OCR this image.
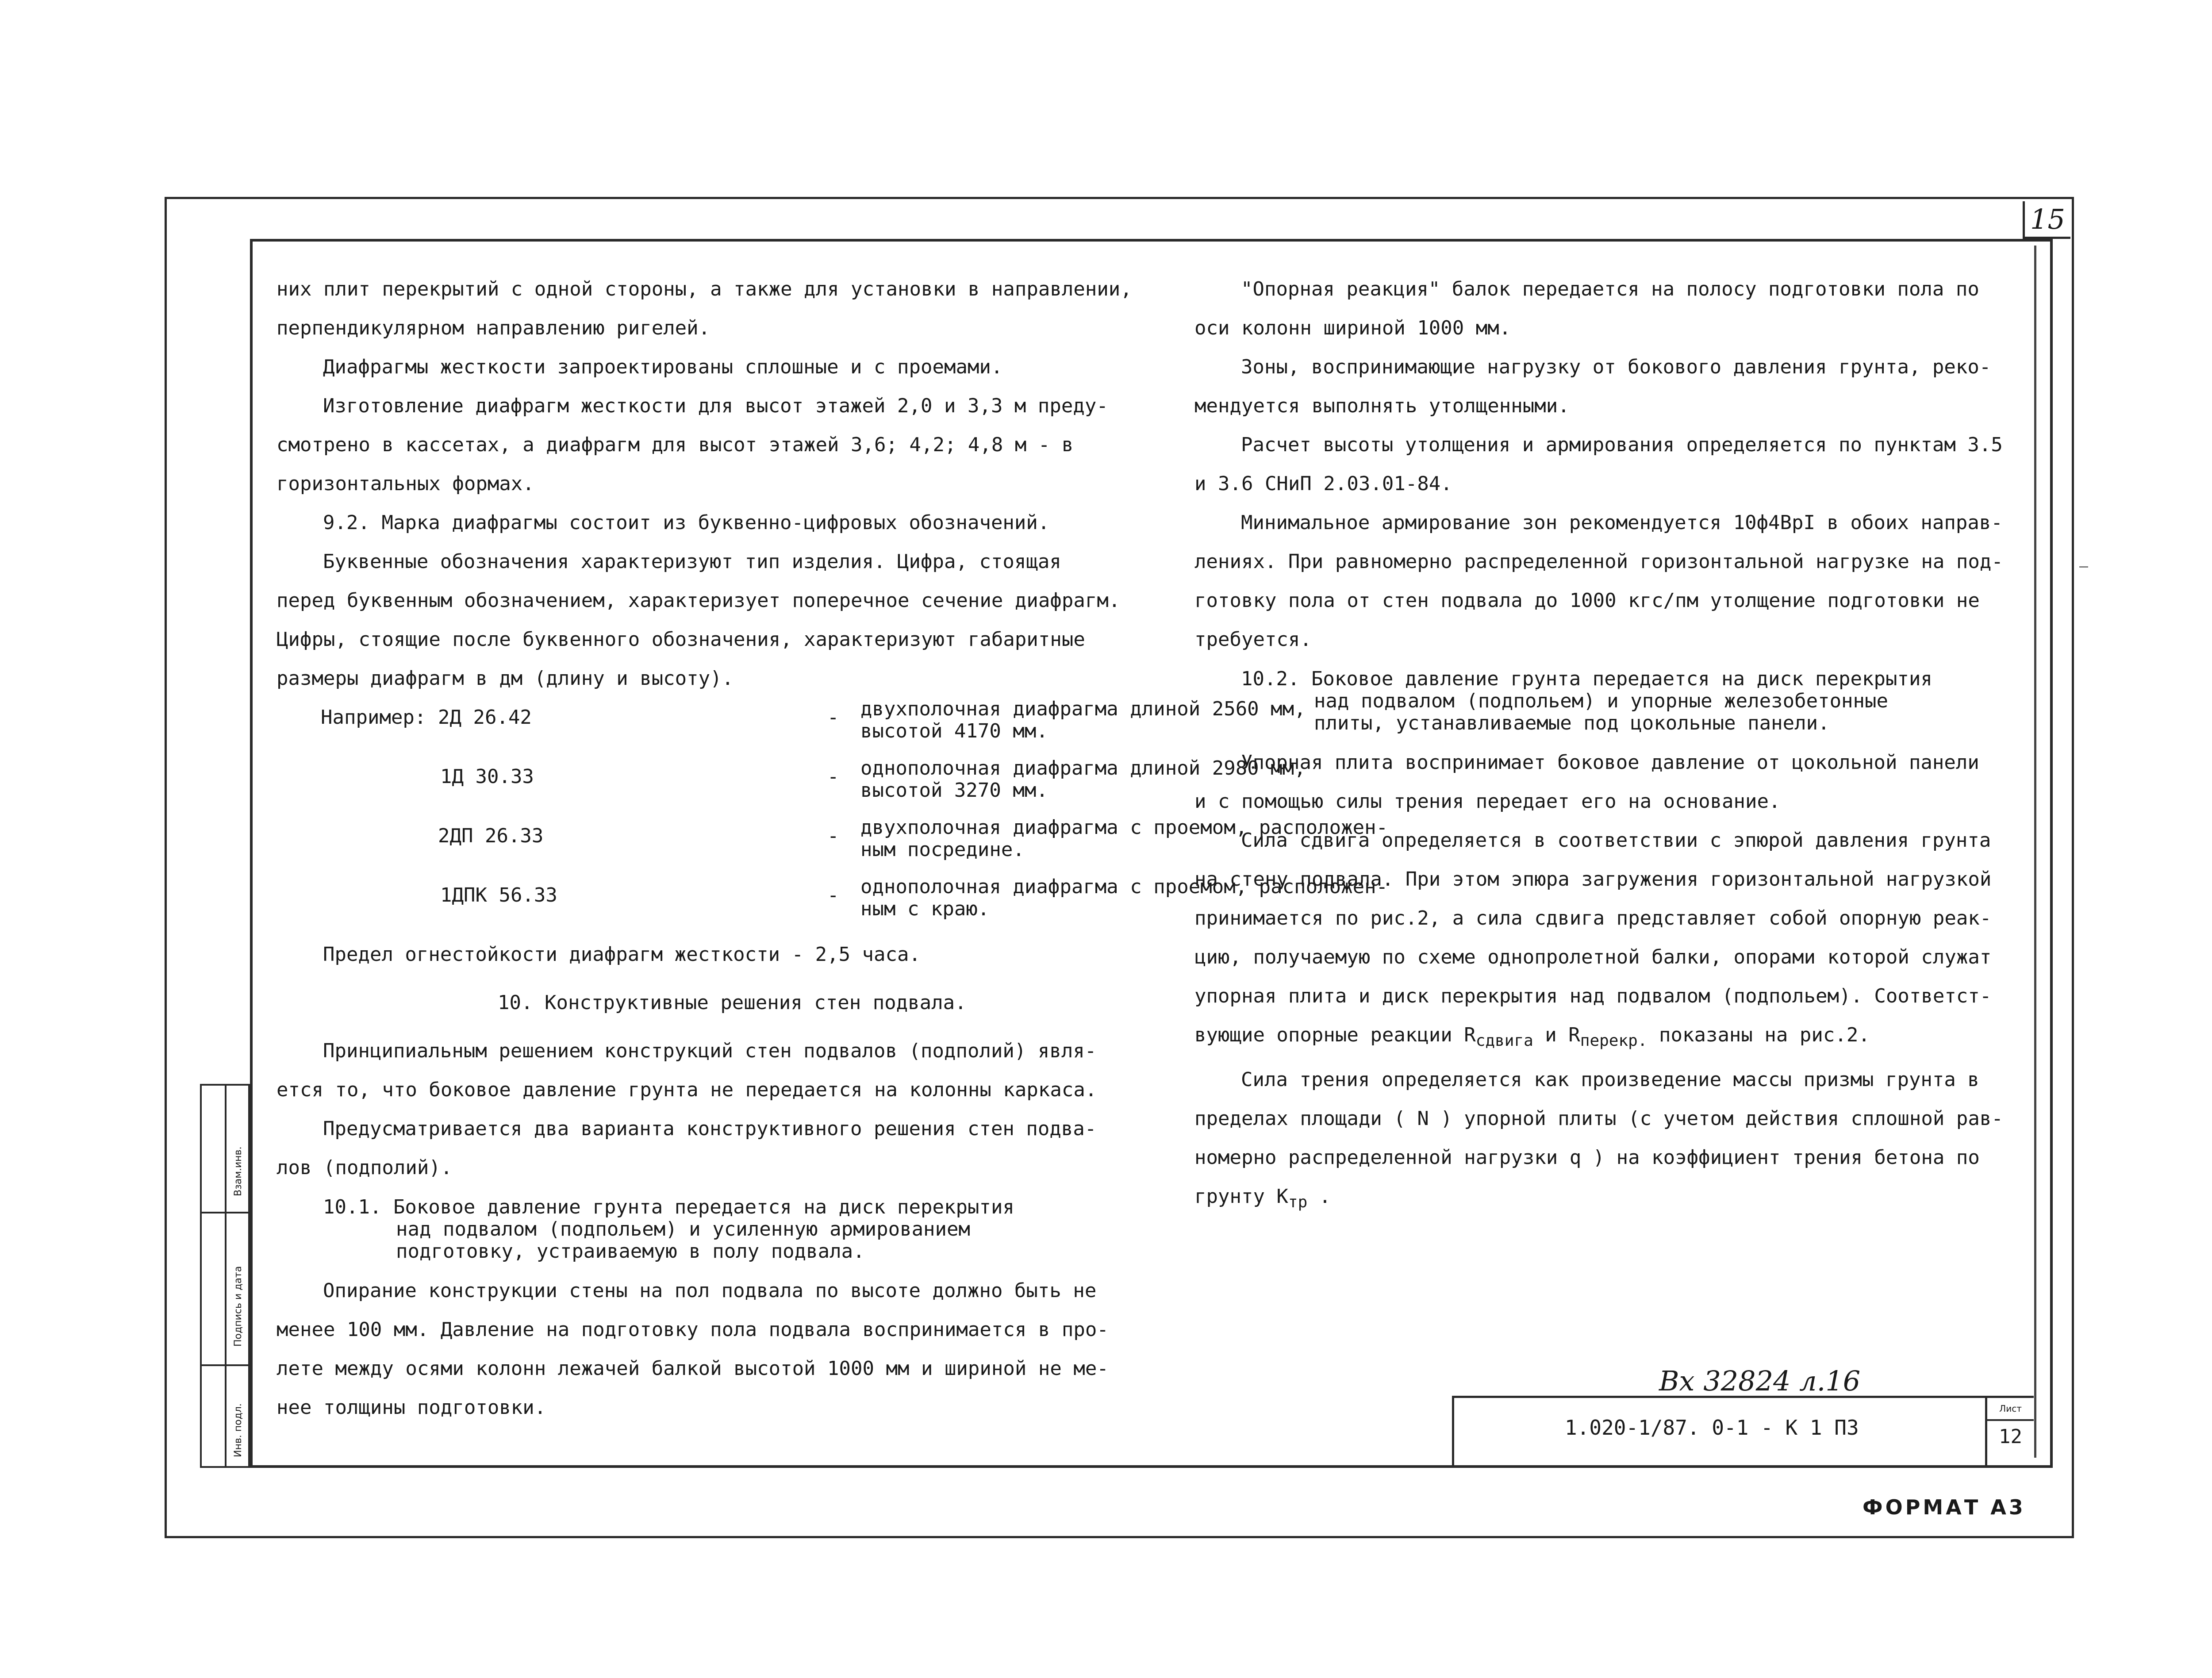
15
Взам.инв.
Подпись и дата
Инв. подл.

них плит перекрытий с одной стороны, а также для установки в направлении,

перпендикулярном направлению ригелей.

Диафрагмы жесткости запроектированы сплошные и с проемами.

Изготовление диафрагм жесткости для высот этажей 2,0 и 3,3 м преду-

смотрено в кассетах, а диафрагм для высот этажей 3,6; 4,2; 4,8 м - в

горизонтальных формах.

9.2. Марка диафрагмы состоит из буквенно-цифровых обозначений.

Буквенные обозначения характеризуют тип изделия. Цифра, стоящая

перед буквенным обозначением, характеризует поперечное сечение диафрагм.

Цифры, стоящие после буквенного обозначения, характеризуют габаритные

размеры диафрагм в дм (длину и высоту).

Например: 2Д 26.42	- двухполочная диафрагма длиной 2560 мм,
высотой 4170 мм.
1Д 30.33	- однополочная диафрагма длиной 2980 мм,
высотой 3270 мм.
2ДП 26.33	- двухполочная диафрагма с проемом, расположен-
ным посредине.
1ДПК 56.33	- однополочная диафрагма с проемом, расположен-
ным с краю.

Предел огнестойкости диафрагм жесткости - 2,5 часа.

10. Конструктивные решения стен подвала.

Принципиальным решением конструкций стен подвалов (подполий) явля-

ется то, что боковое давление грунта не передается на колонны каркаса.

Предусматривается два варианта конструктивного решения стен подва-

лов (подполий).

10.1. Боковое давление грунта передается на диск перекрытия

над подвалом (подпольем) и усиленную армированием

подготовку, устраиваемую в полу подвала.

Опирание конструкции стены на пол подвала по высоте должно быть не

менее 100 мм. Давление на подготовку пола подвала воспринимается в про-

лете между осями колонн лежачей балкой высотой 1000 мм и шириной не ме-

нее толщины подготовки.

"Опорная реакция" балок передается на полосу подготовки пола по

оси колонн шириной 1000 мм.

Зоны, воспринимающие нагрузку от бокового давления грунта, реко-

мендуется выполнять утолщенными.

Расчет высоты утолщения и армирования определяется по пунктам 3.5

и 3.6 СНиП 2.03.01-84.

Минимальное армирование зон рекомендуется 10ф4ВрI в обоих направ-

лениях. При равномерно распределенной горизонтальной нагрузке на под-

готовку пола от стен подвала до 1000 кгс/пм утолщение подготовки не

требуется.

10.2. Боковое давление грунта передается на диск перекрытия

над подвалом (подпольем) и упорные железобетонные

плиты, устанавливаемые под цокольные панели.

Упорная плита воспринимает боковое давление от цокольной панели

и с помощью силы трения передает его на основание.

Сила сдвига определяется в соответствии с эпюрой давления грунта

на стену подвала. При этом эпюра загружения горизонтальной нагрузкой

принимается по рис.2, а сила сдвига представляет собой опорную реак-

цию, получаемую по схеме однопролетной балки, опорами которой служат

упорная плита и диск перекрытия над подвалом (подпольем). Соответст-

вующие опорные реакции $R_{сдвига}$ и $R_{перекр.}$ показаны на рис.2.

Сила трения определяется как произведение массы призмы грунта в

пределах площади ( N ) упорной плиты (с учетом действия сплошной рав-

номерно распределенной нагрузки q ) на коэффициент трения бетона по

грунту $К_{тр}$ .

Вх 32824 л.16
1.020-1/87. 0-1 - К 1 ПЗ
Лист
12
ФОРМАТ А3
